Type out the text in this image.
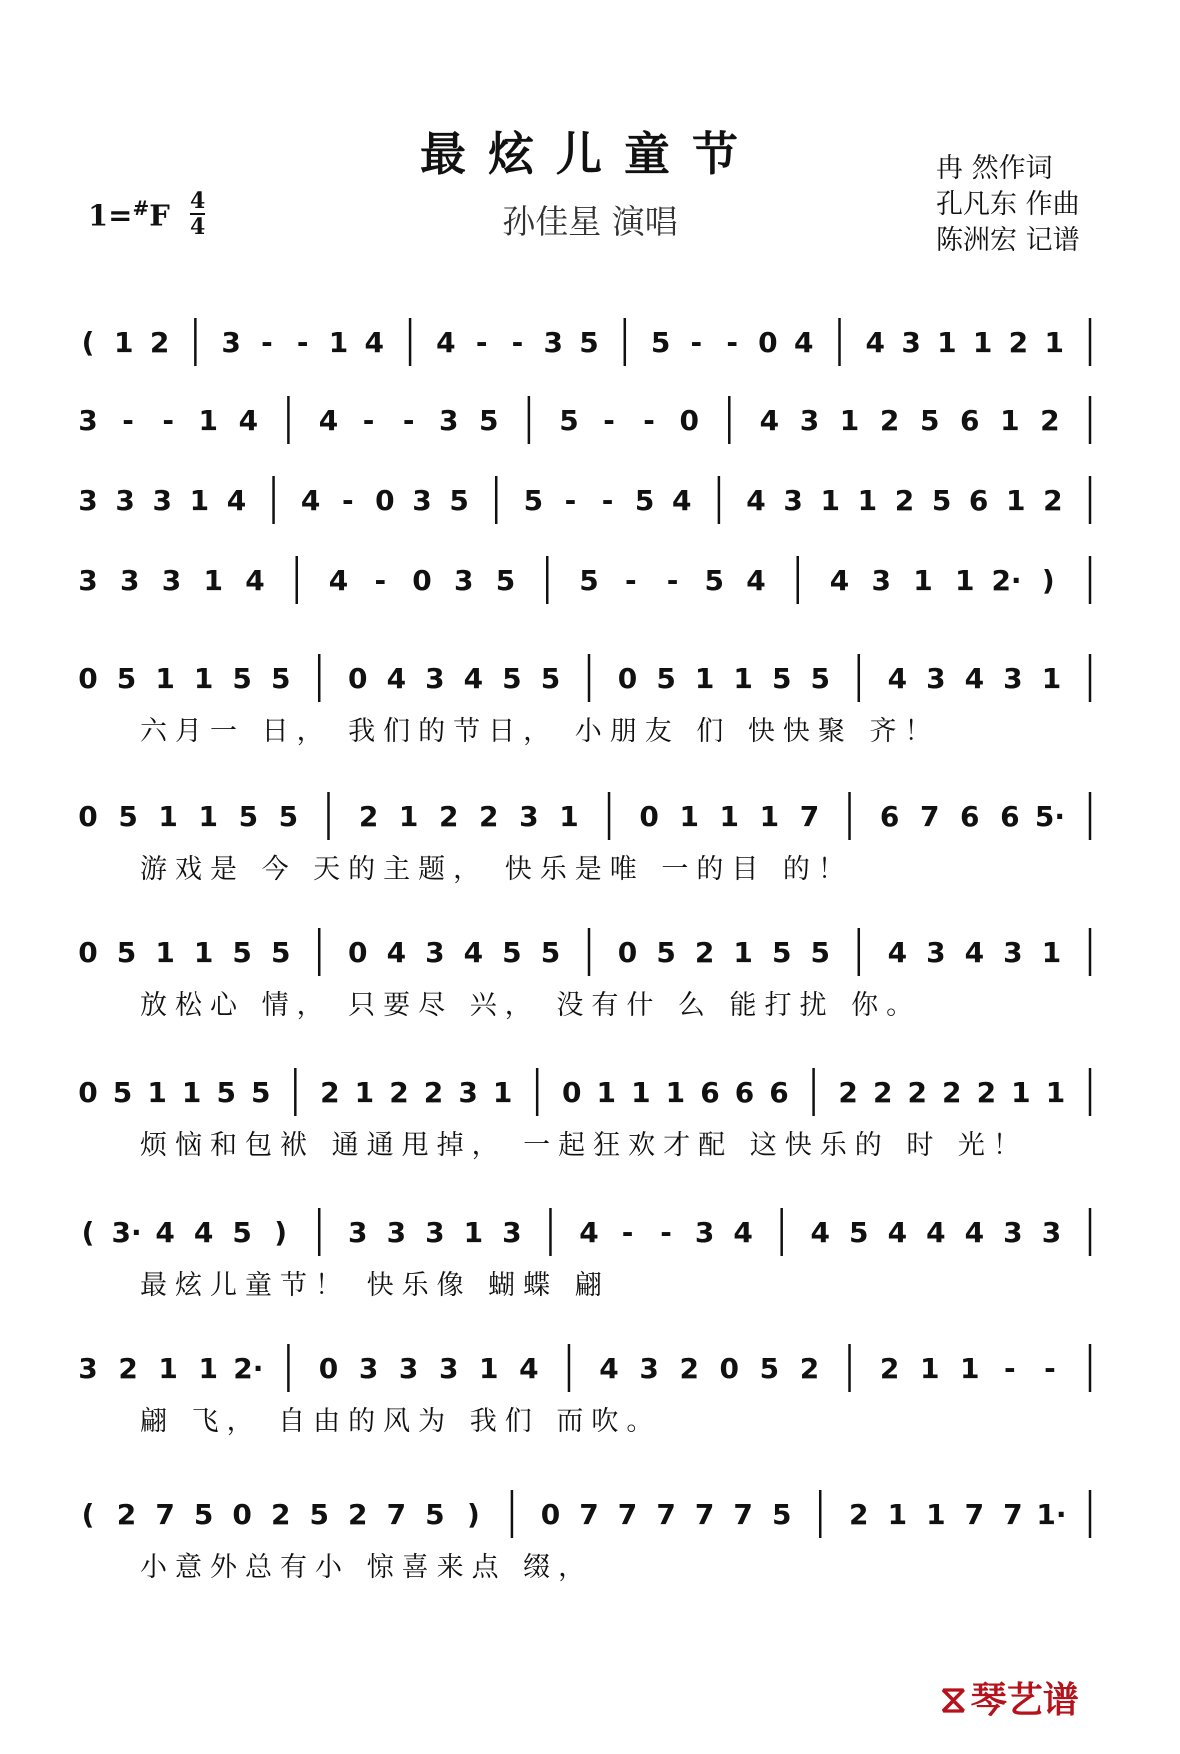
最炫儿童节
孙佳星 演唱
1=#F 4
4
冉 然作词
孔凡东 作曲
陈洲宏 记谱
( 1 2 3 - - 1 4 4 - - 3 5 5 - - 0 4 4 3 1 1 2 1
3 - - 1 4 4 - - 3 5 5 - - 0 4 3 1 2 5 6 1 2
3 3 3 1 4 4 - 0 3 5 5 - - 5 4 4 3 1 1 2 5 6 1 2
3 3 3 1 4 4 - 0 3 5 5 - - 5 4 4 3 1 1 2· )
0 5 1 1 5 5 0 4 3 4 5 5 0 5 1 1 5 5 4 3 4 3 1
六月一 日， 我们的节日， 小朋友 们 快快聚 齐！
0 5 1 1 5 5 2 1 2 2 3 1 0 1 1 1 7 6 7 6 6 5·
游戏是 今 天的主题， 快乐是唯 一的目 的！
0 5 1 1 5 5 0 4 3 4 5 5 0 5 2 1 5 5 4 3 4 3 1
放松心 情， 只要尽 兴， 没有什 么 能打扰 你。
0 5 1 1 5 5 2 1 2 2 3 1 0 1 1 1 6 6 6 2 2 2 2 2 1 1
烦恼和包袱 通通甩掉， 一起狂欢才配 这快乐的 时 光！
( 3· 4 4 5 ) 3 3 3 1 3 4 - - 3 4 4 5 4 4 4 3 3
最炫儿童节！ 快乐像 蝴蝶 翩
3 2 1 1 2· 0 3 3 3 1 4 4 3 2 0 5 2 2 1 1 - -
翩 飞， 自由的风为 我们 而吹。
( 2 7 5 0 2 5 2 7 5 ) 0 7 7 7 7 7 5 2 1 1 7 7 1·
小意外总有小 惊喜来点 缀，
⧖ 琴艺谱
